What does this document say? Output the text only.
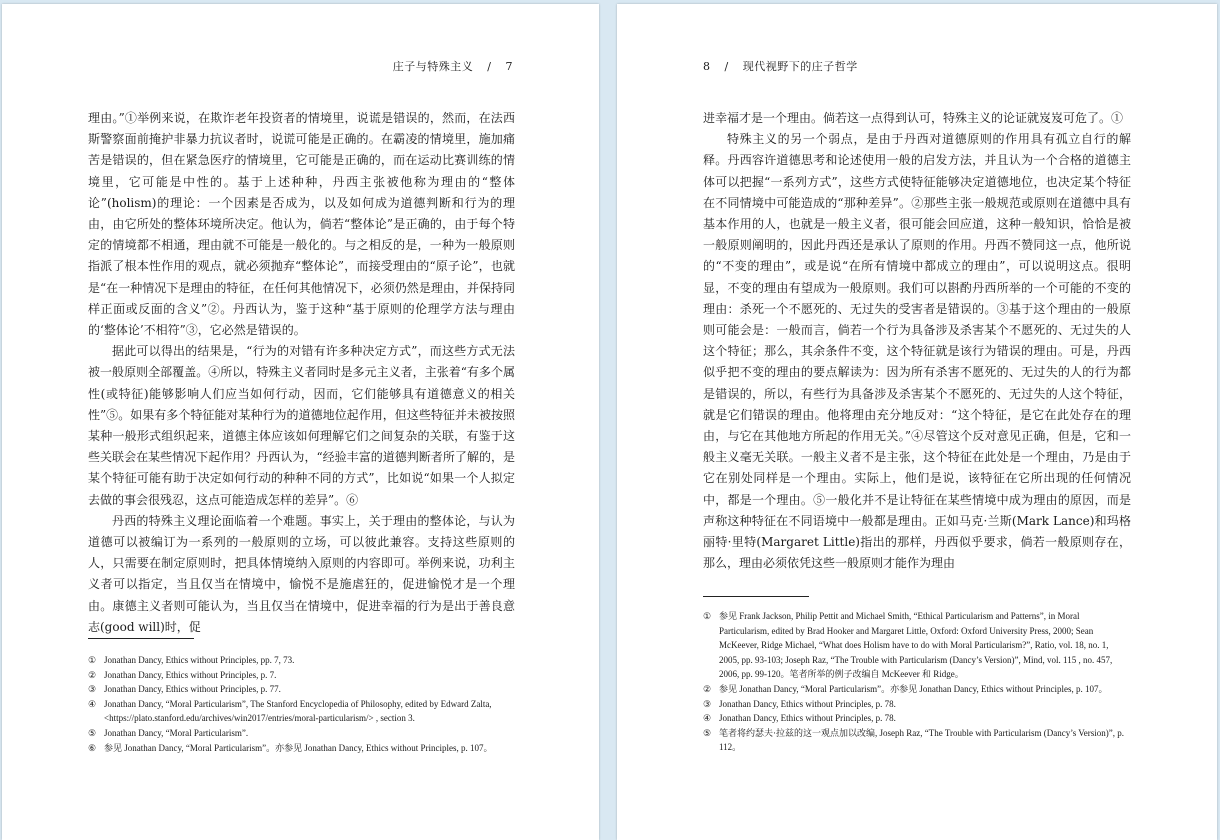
庄子与特殊主义 / 7

理由。”①举例来说，在欺诈老年投资者的情境里，说谎是错误的，然而，在法西斯警察面前掩护非暴力抗议者时，说谎可能是正确的。在霸凌的情境里，施加痛苦是错误的，但在紧急医疗的情境里，它可能是正确的，而在运动比赛训练的情境里，它可能是中性的。基于上述种种，丹西主张被他称为理由的“整体论”(holism)的理论：一个因素是否成为，以及如何成为道德判断和行为的理由，由它所处的整体环境所决定。他认为，倘若“整体论”是正确的，由于每个特定的情境都不相通，理由就不可能是一般化的。与之相反的是，一种为一般原则指派了根本性作用的观点，就必须抛弃“整体论”，而接受理由的“原子论”，也就是“在一种情况下是理由的特征，在任何其他情况下，必须仍然是理由，并保持同样正面或反面的含义”②。丹西认为，鉴于这种“基于原则的伦理学方法与理由的‘整体论’不相符”③，它必然是错误的。

据此可以得出的结果是，“行为的对错有许多种决定方式”，而这些方式无法被一般原则全部覆盖。④所以，特殊主义者同时是多元主义者，主张着“有多个属性(或特征)能够影响人们应当如何行动，因而，它们能够具有道德意义的相关性”⑤。如果有多个特征能对某种行为的道德地位起作用，但这些特征并未被按照某种一般形式组织起来，道德主体应该如何理解它们之间复杂的关联，有鉴于这些关联会在某些情况下起作用？丹西认为，“经验丰富的道德判断者所了解的，是某个特征可能有助于决定如何行动的种种不同的方式”，比如说“如果一个人拟定去做的事会很残忍，这点可能造成怎样的差异”。⑥

丹西的特殊主义理论面临着一个难题。事实上，关于理由的整体论，与认为道德可以被编订为一系列的一般原则的立场，可以彼此兼容。支持这些原则的人，只需要在制定原则时，把具体情境纳入原则的内容即可。举例来说，功利主义者可以指定，当且仅当在情境中，愉悦不是施虐狂的，促进愉悦才是一个理由。康德主义者则可能认为，当且仅当在情境中，促进幸福的行为是出于善良意志(good will)时，促

① Jonathan Dancy, Ethics without Principles, pp. 7, 73.
② Jonathan Dancy, Ethics without Principles, p. 7.
③ Jonathan Dancy, Ethics without Principles, p. 77.
④ Jonathan Dancy, “Moral Particularism”, The Stanford Encyclopedia of Philosophy, edited by Edward Zalta, <https://plato.stanford.edu/archives/win2017/entries/moral-particularism/> , section 3.
⑤ Jonathan Dancy, “Moral Particularism”.
⑥ 参见 Jonathan Dancy, “Moral Particularism”。亦参见 Jonathan Dancy, Ethics without Principles, p. 107。
8 / 现代视野下的庄子哲学

进幸福才是一个理由。倘若这一点得到认可，特殊主义的论证就岌岌可危了。①

特殊主义的另一个弱点，是由于丹西对道德原则的作用具有孤立自行的解释。丹西容许道德思考和论述使用一般的启发方法，并且认为一个合格的道德主体可以把握“一系列方式”，这些方式使特征能够决定道德地位，也决定某个特征在不同情境中可能造成的“那种差异”。②那些主张一般规范或原则在道德中具有基本作用的人，也就是一般主义者，很可能会回应道，这种一般知识，恰恰是被一般原则阐明的，因此丹西还是承认了原则的作用。丹西不赞同这一点，他所说的“不变的理由”，或是说“在所有情境中都成立的理由”，可以说明这点。很明显，不变的理由有望成为一般原则。我们可以斟酌丹西所举的一个可能的不变的理由：杀死一个不愿死的、无过失的受害者是错误的。③基于这个理由的一般原则可能会是：一般而言，倘若一个行为具备涉及杀害某个不愿死的、无过失的人这个特征；那么，其余条件不变，这个特征就是该行为错误的理由。可是，丹西似乎把不变的理由的要点解读为：因为所有杀害不愿死的、无过失的人的行为都是错误的，所以，有些行为具备涉及杀害某个不愿死的、无过失的人这个特征，就是它们错误的理由。他将理由充分地反对：“这个特征，是它在此处存在的理由，与它在其他地方所起的作用无关。”④尽管这个反对意见正确，但是，它和一般主义毫无关联。一般主义者不是主张，这个特征在此处是一个理由，乃是由于它在别处同样是一个理由。实际上，他们是说，该特征在它所出现的任何情况中，都是一个理由。⑤一般化并不是让特征在某些情境中成为理由的原因，而是声称这种特征在不同语境中一般都是理由。正如马克·兰斯(Mark Lance)和玛格丽特·里特(Margaret Little)指出的那样，丹西似乎要求，倘若一般原则存在，那么，理由必须依凭这些一般原则才能作为理由

① 参见 Frank Jackson, Philip Pettit and Michael Smith, “Ethical Particularism and Patterns”, in Moral Particularism, edited by Brad Hooker and Margaret Little, Oxford: Oxford University Press, 2000; Sean McKeever, Ridge Michael, “What does Holism have to do with Moral Particularism?”, Ratio, vol. 18, no. 1, 2005, pp. 93-103; Joseph Raz, “The Trouble with Particularism (Dancy’s Version)”, Mind, vol. 115 , no. 457, 2006, pp. 99-120。笔者所举的例子改编自 McKeever 和 Ridge。
② 参见 Jonathan Dancy, “Moral Particularism”。亦参见 Jonathan Dancy, Ethics without Principles, p. 107。
③ Jonathan Dancy, Ethics without Principles, p. 78.
④ Jonathan Dancy, Ethics without Principles, p. 78.
⑤ 笔者将约瑟夫·拉兹的这一观点加以改编, Joseph Raz, “The Trouble with Particularism (Dancy’s Version)”, p. 112。
